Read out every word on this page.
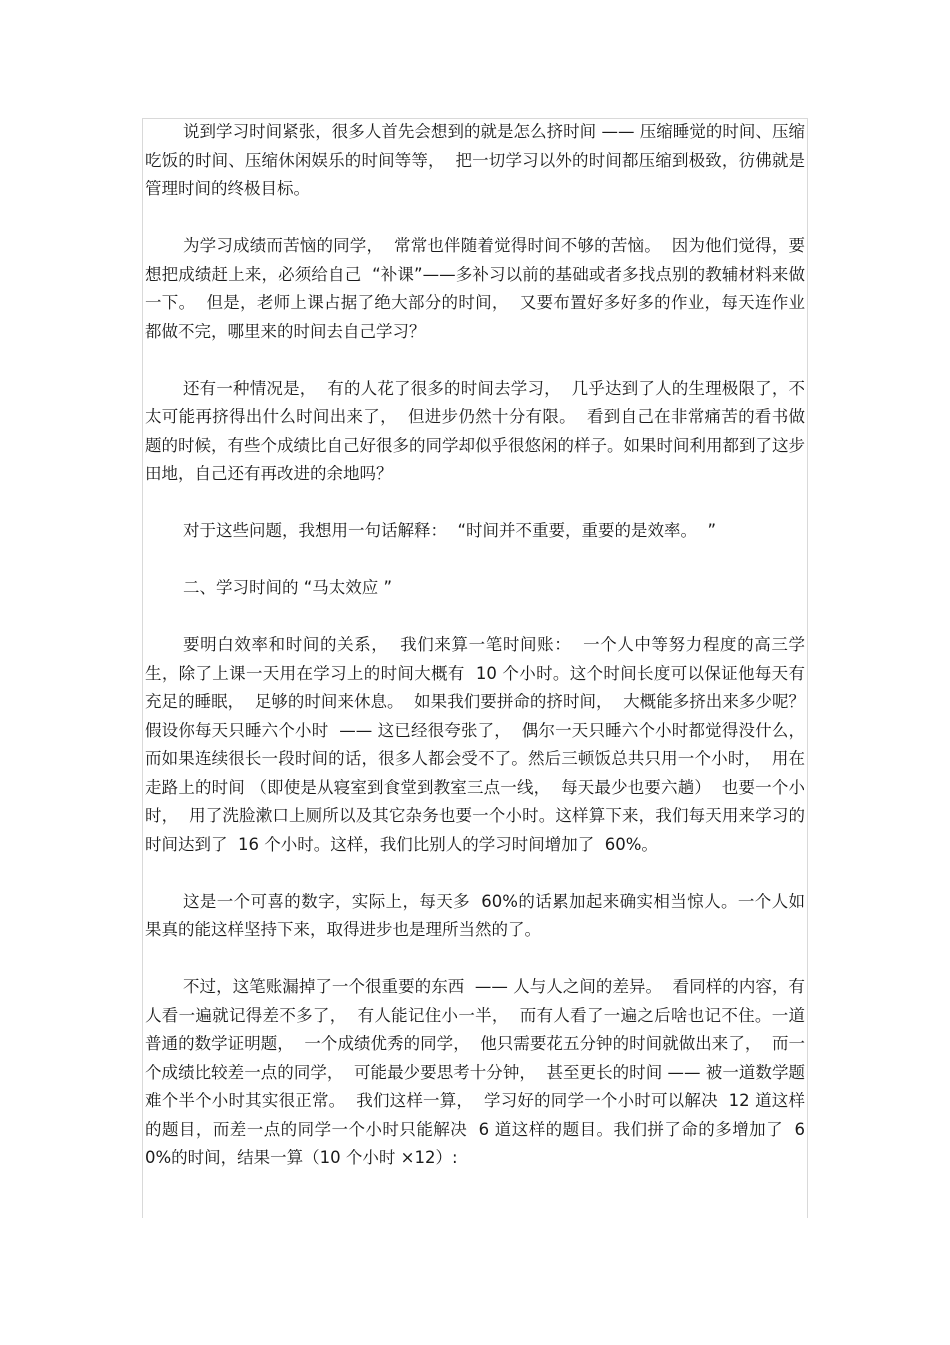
说到学习时间紧张，很多人首先会想到的就是怎么挤时间 —— 压缩睡觉的时间、压缩吃饭的时间、压缩休闲娱乐的时间等等，  把一切学习以外的时间都压缩到极致，彷佛就是管理时间的终极目标。

为学习成绩而苦恼的同学，  常常也伴随着觉得时间不够的苦恼。  因为他们觉得，要想把成绩赶上来，必须给自己  “补课”——多补习以前的基础或者多找点别的教辅材料来做一下。  但是，老师上课占据了绝大部分的时间，  又要布置好多好多的作业，每天连作业都做不完，哪里来的时间去自己学习？

还有一种情况是，  有的人花了很多的时间去学习，  几乎达到了人的生理极限了，不太可能再挤得出什么时间出来了，  但进步仍然十分有限。  看到自己在非常痛苦的看书做题的时候，有些个成绩比自己好很多的同学却似乎很悠闲的样子。如果时间利用都到了这步田地，自己还有再改进的余地吗？

对于这些问题，我想用一句话解释：  “时间并不重要，重要的是效率。  ”

二、学习时间的 “马太效应 ”

要明白效率和时间的关系，  我们来算一笔时间账：  一个人中等努力程度的高三学生，除了上课一天用在学习上的时间大概有  10 个小时。这个时间长度可以保证他每天有充足的睡眠，  足够的时间来休息。  如果我们要拼命的挤时间，  大概能多挤出来多少呢？假设你每天只睡六个小时  —— 这已经很夸张了，  偶尔一天只睡六个小时都觉得没什么，而如果连续很长一段时间的话，很多人都会受不了。然后三顿饭总共只用一个小时，  用在走路上的时间 （即使是从寝室到食堂到教室三点一线，  每天最少也要六趟）  也要一个小时，  用了洗脸漱口上厕所以及其它杂务也要一个小时。这样算下来，我们每天用来学习的时间达到了  16 个小时。这样，我们比别人的学习时间增加了  60%。

这是一个可喜的数字，实际上，每天多  60%的话累加起来确实相当惊人。一个人如果真的能这样坚持下来，取得进步也是理所当然的了。

不过，这笔账漏掉了一个很重要的东西  —— 人与人之间的差异。  看同样的内容，有人看一遍就记得差不多了，  有人能记住小一半，  而有人看了一遍之后啥也记不住。一道普通的数学证明题，  一个成绩优秀的同学，  他只需要花五分钟的时间就做出来了，  而一个成绩比较差一点的同学，  可能最少要思考十分钟，  甚至更长的时间 —— 被一道数学题难个半个小时其实很正常。  我们这样一算，  学习好的同学一个小时可以解决  12 道这样的题目，而差一点的同学一个小时只能解决  6 道这样的题目。我们拼了命的多增加了  60%的时间，结果一算（10 个小时 ×12）:
